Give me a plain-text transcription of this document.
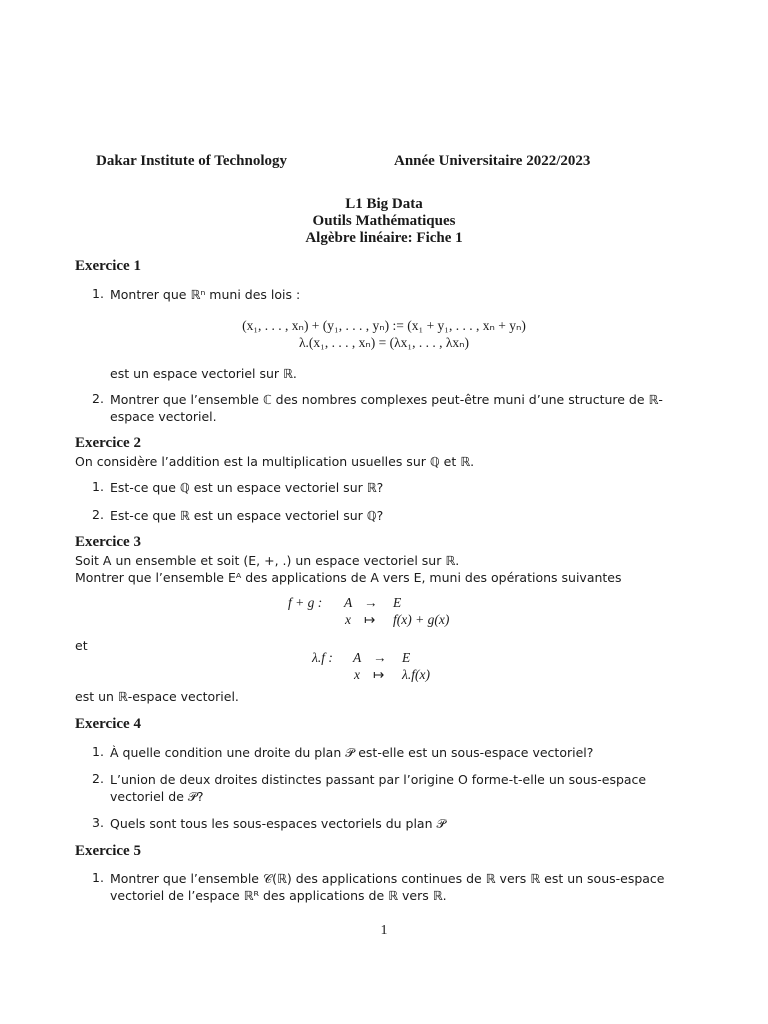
Dakar Institute of Technology	Année Universitaire 2022/2023
L1 Big Data
Outils Mathématiques
Algèbre linéaire: Fiche 1
Exercice 1
1. Montrer que ℝⁿ muni des lois :
(x₁, . . . , xₙ) + (y₁, . . . , yₙ) := (x₁ + y₁, . . . , xₙ + yₙ)
λ.(x₁, . . . , xₙ) = (λx₁, . . . , λxₙ)
est un espace vectoriel sur ℝ.
2. Montrer que l’ensemble ℂ des nombres complexes peut-être muni d’une structure de ℝ-espace vectoriel.
Exercice 2
On considère l’addition est la multiplication usuelles sur ℚ et ℝ.
1. Est-ce que ℚ est un espace vectoriel sur ℝ?
2. Est-ce que ℝ est un espace vectoriel sur ℚ?
Exercice 3
Soit A un ensemble et soit (E, +, .) un espace vectoriel sur ℝ.
Montrer que l’ensemble Eᴬ des applications de A vers E, muni des opérations suivantes
f + g : A → E
x ↦ f(x) + g(x)
et
λ.f : A → E
x ↦ λ.f(x)
est un ℝ-espace vectoriel.
Exercice 4
1. À quelle condition une droite du plan 𝒫 est-elle est un sous-espace vectoriel?
2. L’union de deux droites distinctes passant par l’origine O forme-t-elle un sous-espace vectoriel de 𝒫?
3. Quels sont tous les sous-espaces vectoriels du plan 𝒫
Exercice 5
1. Montrer que l’ensemble 𝒞(ℝ) des applications continues de ℝ vers ℝ est un sous-espace vectoriel de l’espace ℝᴿ des applications de ℝ vers ℝ.
1
